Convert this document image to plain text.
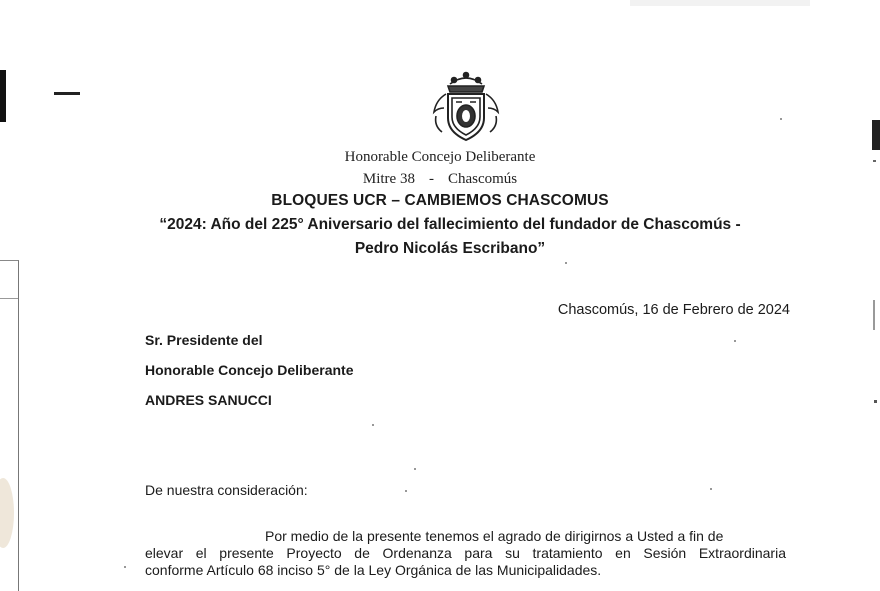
Honorable Concejo Deliberante
Mitre 38 - Chascomús
BLOQUES UCR – CAMBIEMOS CHASCOMUS
“2024: Año del 225° Aniversario del fallecimiento del fundador de Chascomús -
Pedro Nicolás Escribano”
Chascomús, 16 de Febrero de 2024
Sr. Presidente del
Honorable Concejo Deliberante
ANDRES SANUCCI
De nuestra consideración:
Por medio de la presente tenemos el agrado de dirigirnos a Usted a fin de
elevar el presente Proyecto de Ordenanza para su tratamiento en Sesión Extraordinaria
conforme Artículo 68 inciso 5° de la Ley Orgánica de las Municipalidades.
